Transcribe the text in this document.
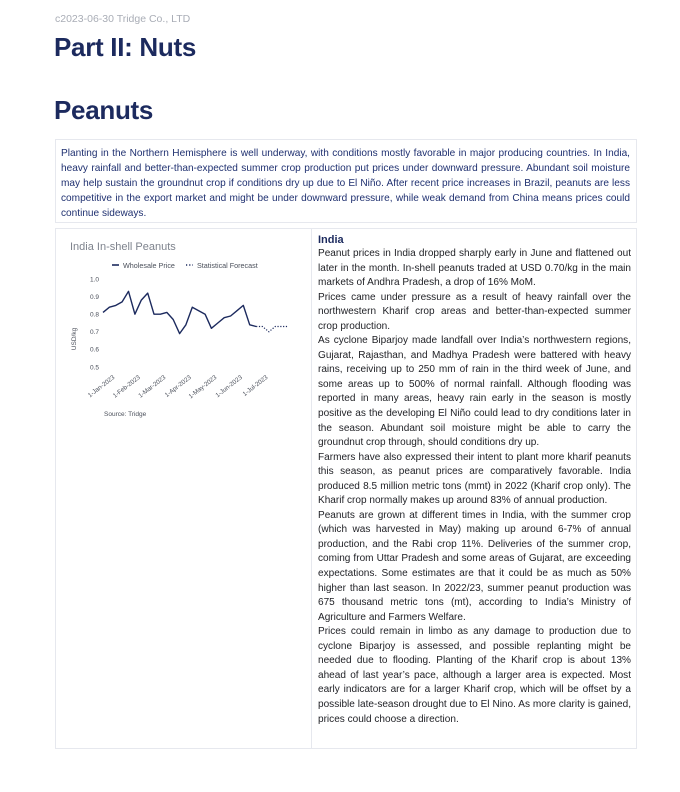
c2023-06-30 Tridge Co., LTD
Part II: Nuts
Peanuts
Planting in the Northern Hemisphere is well underway, with conditions mostly favorable in major producing countries. In India, heavy rainfall and better-than-expected summer crop production put prices under downward pressure. Abundant soil moisture may help sustain the groundnut crop if conditions dry up due to El Niño. After recent price increases in Brazil, peanuts are less competitive in the export market and might be under downward pressure, while weak demand from China means prices could continue sideways.
India In-shell Peanuts
Wholesale Price	Statistical Forecast
USD/kg
1.0
0.9
0.8
0.7
0.6
0.5
1-Jan-2023
1-Feb-2023
1-Mar-2023
1-Apr-2023
1-May-2023
1-Jun-2023
1-Jul-2023
Source: Tridge
India

Peanut prices in India dropped sharply early in June and flattened out later in the month. In-shell peanuts traded at USD 0.70/kg in the main markets of Andhra Pradesh, a drop of 16% MoM.

Prices came under pressure as a result of heavy rainfall over the northwestern Kharif crop areas and better-than-expected summer crop production.

As cyclone Biparjoy made landfall over India’s northwestern regions, Gujarat, Rajasthan, and Madhya Pradesh were battered with heavy rains, receiving up to 250 mm of rain in the third week of June, and some areas up to 500% of normal rainfall. Although flooding was reported in many areas, heavy rain early in the season is mostly positive as the developing El Niño could lead to dry conditions later in the season. Abundant soil moisture might be able to carry the groundnut crop through, should conditions dry up.

Farmers have also expressed their intent to plant more kharif peanuts this season, as peanut prices are comparatively favorable. India produced 8.5 million metric tons (mmt) in 2022 (Kharif crop only). The Kharif crop normally makes up around 83% of annual production.

Peanuts are grown at different times in India, with the summer crop (which was harvested in May) making up around 6-7% of annual production, and the Rabi crop 11%. Deliveries of the summer crop, coming from Uttar Pradesh and some areas of Gujarat, are exceeding expectations. Some estimates are that it could be as much as 50% higher than last season. In 2022/23, summer peanut production was 675 thousand metric tons (mt), according to India’s Ministry of Agriculture and Farmers Welfare.

Prices could remain in limbo as any damage to production due to cyclone Biparjoy is assessed, and possible replanting might be needed due to flooding. Planting of the Kharif crop is about 13% ahead of last year’s pace, although a larger area is expected. Most early indicators are for a larger Kharif crop, which will be offset by a possible late-season drought due to El Nino. As more clarity is gained, prices could choose a direction.
